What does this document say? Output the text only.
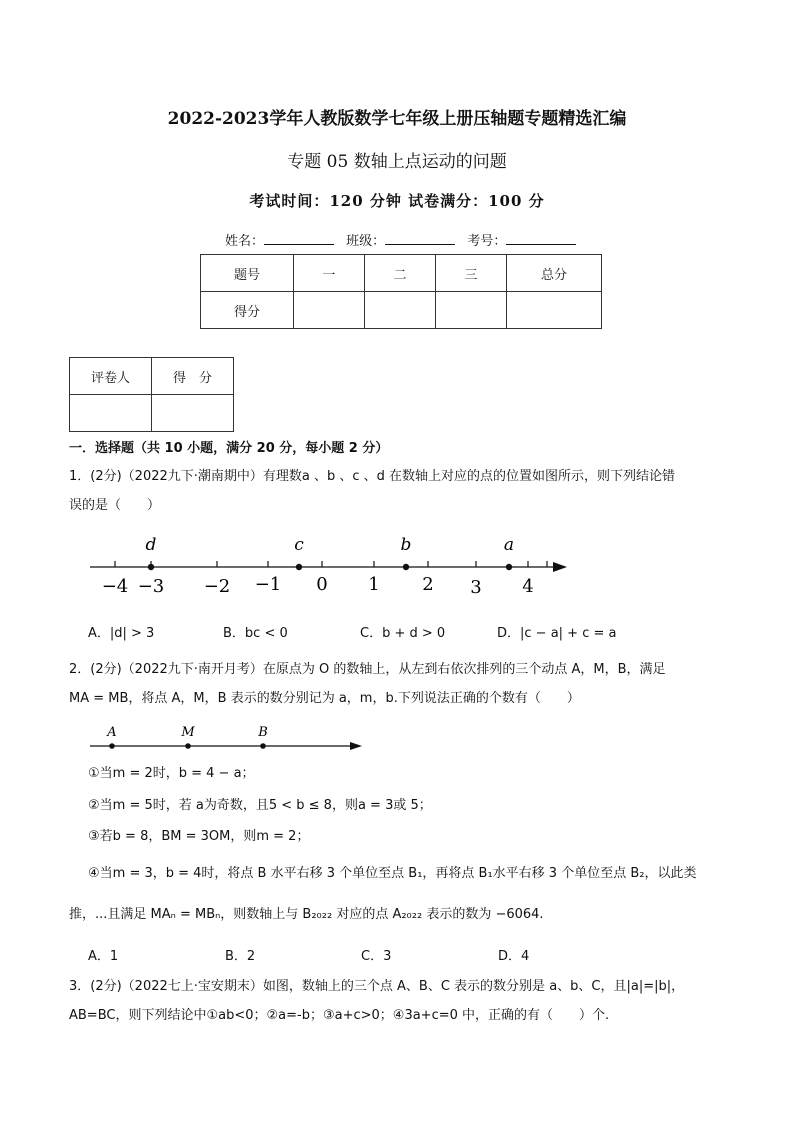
2022-2023学年人教版数学七年级上册压轴题专题精选汇编
专题 05 数轴上点运动的问题
考试时间：120 分钟 试卷满分：100 分
姓名：	班级：	考号：
题号	一	二	三	总分
得分				
评卷人	得　分

一．选择题（共 10 小题，满分 20 分，每小题 2 分）
1．(2分)（2022九下·潮南期中）有理数a 、b 、c 、d 在数轴上对应的点的位置如图所示，则下列结论错
误的是（　　）
−4 −3 −2 −1 0 1 2 3 4
d	c	b	a
A．|d| > 3	B．bc < 0	C．b + d > 0	D．|c − a| + c = a
2．(2分)（2022九下·南开月考）在原点为 O 的数轴上，从左到右依次排列的三个动点 A，M，B，满足
MA = MB，将点 A，M，B 表示的数分别记为 a，m，b.下列说法正确的个数有（　　）
A	M	B
①当m = 2时，b = 4 − a；
②当m = 5时，若 a为奇数，且5 < b ≤ 8，则a = 3或 5；
③若b = 8，BM = 3OM，则m = 2；
④当m = 3，b = 4时，将点 B 水平右移 3 个单位至点 B₁，再将点 B₁水平右移 3 个单位至点 B₂，以此类
推，...且满足 MAₙ = MBₙ，则数轴上与 B₂₀₂₂ 对应的点 A₂₀₂₂ 表示的数为 −6064.
A．1	B．2	C．3	D．4
3．(2分)（2022七上·宝安期末）如图，数轴上的三个点 A、B、C 表示的数分别是 a、b、C，且|a|=|b|，
AB=BC，则下列结论中①ab<0；②a=-b；③a+c>0；④3a+c=0 中，正确的有（　　）个.
